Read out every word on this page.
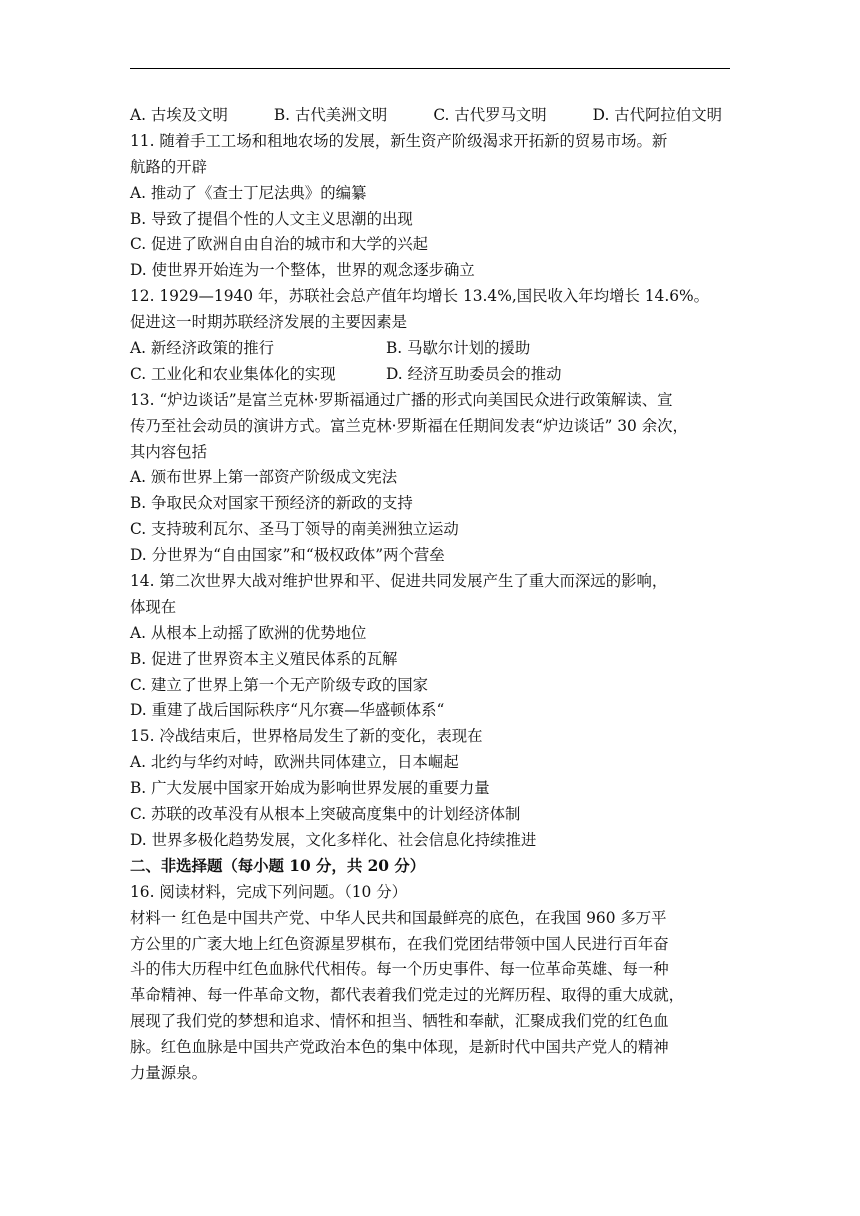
A. 古埃及文明	B. 古代美洲文明	C. 古代罗马文明	D. 古代阿拉伯文明
11. 随着手工工场和租地农场的发展，新生资产阶级渴求开拓新的贸易市场。新
航路的开辟
A. 推动了《查士丁尼法典》的编纂
B. 导致了提倡个性的人文主义思潮的出现
C. 促进了欧洲自由自治的城市和大学的兴起
D. 使世界开始连为一个整体，世界的观念逐步确立
12. 1929—1940 年，苏联社会总产值年均增长 13.4%,国民收入年均增长 14.6%。
促进这一时期苏联经济发展的主要因素是
A. 新经济政策的推行	B. 马歇尔计划的援助
C. 工业化和农业集体化的实现	D. 经济互助委员会的推动
13. “炉边谈话”是富兰克林·罗斯福通过广播的形式向美国民众进行政策解读、宣
传乃至社会动员的演讲方式。富兰克林·罗斯福在任期间发表“炉边谈话” 30 余次，
其内容包括
A. 颁布世界上第一部资产阶级成文宪法
B. 争取民众对国家干预经济的新政的支持
C. 支持玻利瓦尔、圣马丁领导的南美洲独立运动
D. 分世界为“自由国家”和“极权政体”两个营垒
14. 第二次世界大战对维护世界和平、促进共同发展产生了重大而深远的影响，
体现在
A. 从根本上动摇了欧洲的优势地位
B. 促进了世界资本主义殖民体系的瓦解
C. 建立了世界上第一个无产阶级专政的国家
D. 重建了战后国际秩序“凡尔赛—华盛顿体系“
15. 冷战结束后，世界格局发生了新的变化，表现在
A. 北约与华约对峙，欧洲共同体建立，日本崛起
B. 广大发展中国家开始成为影响世界发展的重要力量
C. 苏联的改革没有从根本上突破高度集中的计划经济体制
D. 世界多极化趋势发展，文化多样化、社会信息化持续推进
二、非选择题（每小题 10 分，共 20 分）
16. 阅读材料，完成下列问题。（10 分）
材料一 红色是中国共产党、中华人民共和国最鲜亮的底色，在我国 960 多万平
方公里的广袤大地上红色资源星罗棋布，在我们党团结带领中国人民进行百年奋
斗的伟大历程中红色血脉代代相传。每一个历史事件、每一位革命英雄、每一种
革命精神、每一件革命文物，都代表着我们党走过的光辉历程、取得的重大成就，
展现了我们党的梦想和追求、情怀和担当、牺牲和奉献，汇聚成我们党的红色血
脉。红色血脉是中国共产党政治本色的集中体现，是新时代中国共产党人的精神
力量源泉。
